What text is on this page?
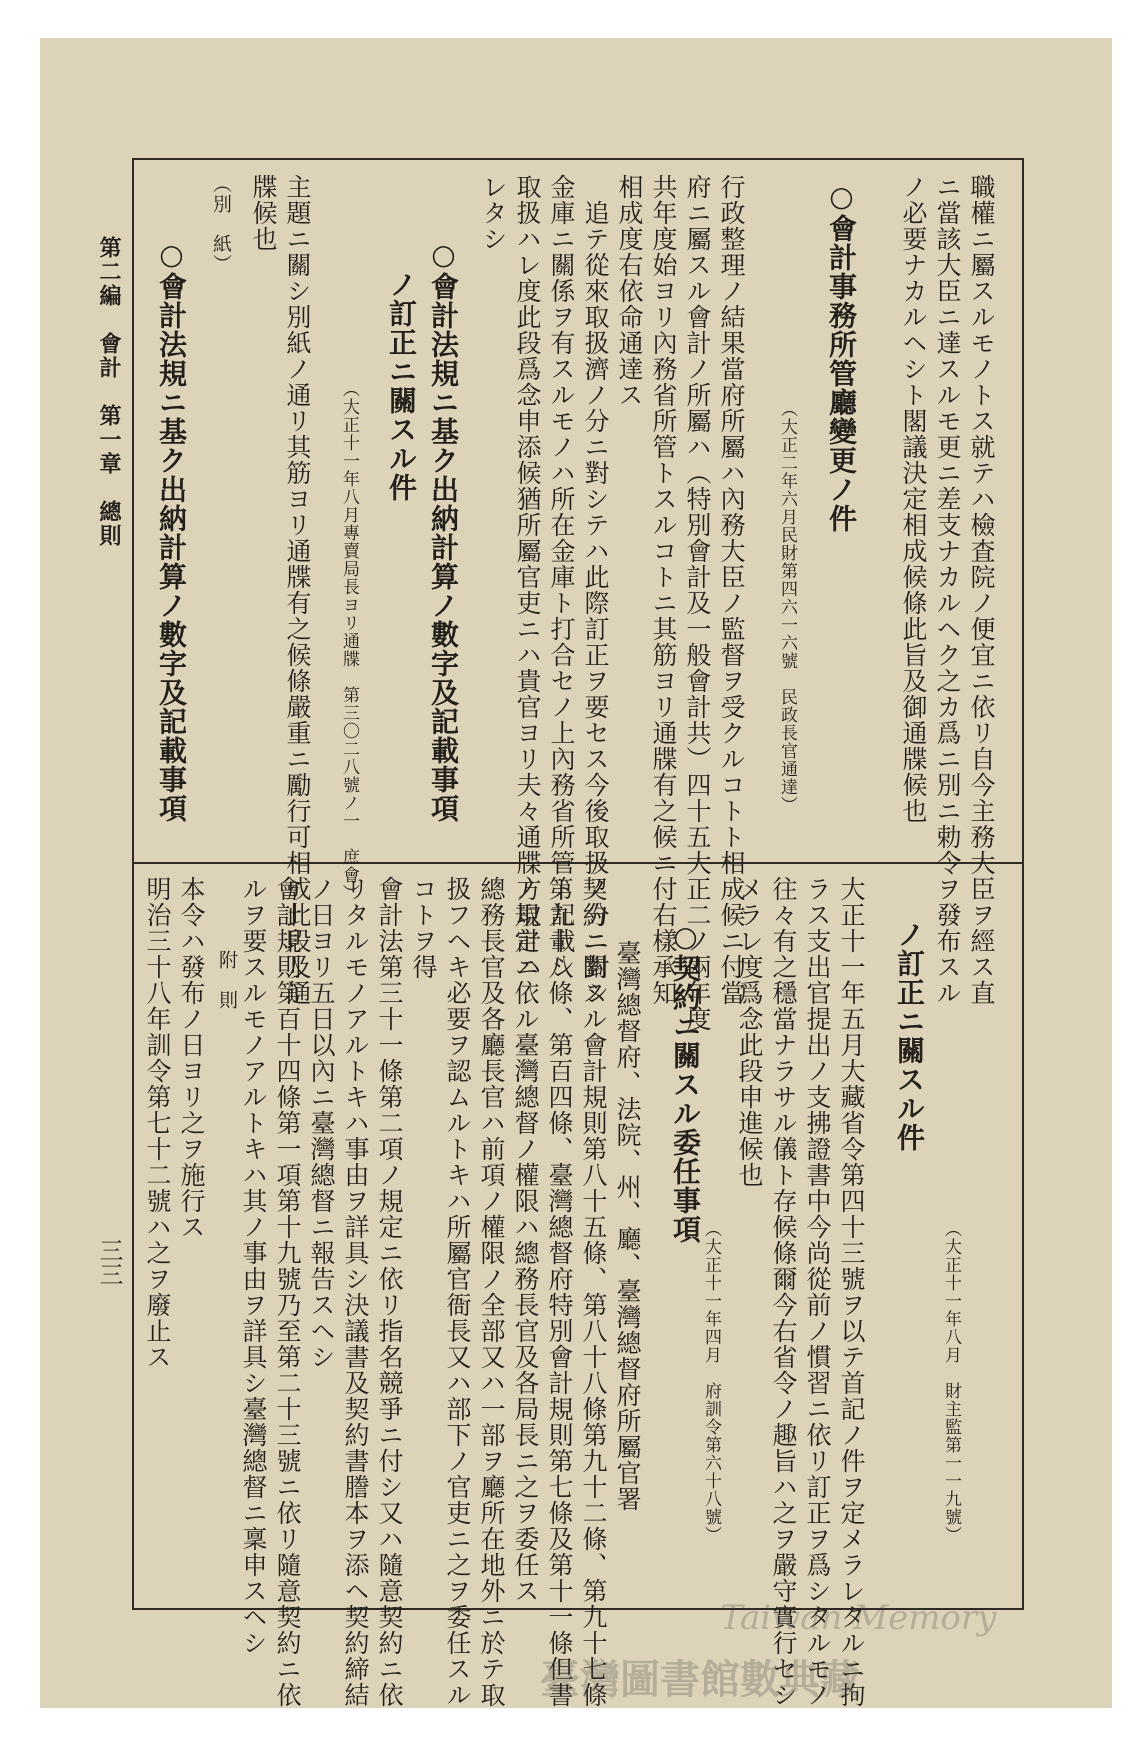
職權ニ屬スルモノトス就テハ檢査院ノ便宜ニ依リ自今主務大臣ヲ經ス直
ニ當該大臣ニ達スルモ更ニ差支ナカルヘク之カ爲ニ別ニ勅令ヲ發布スル
ノ必要ナカルヘシト閣議決定相成候條此旨及御通牒候也
○會計事務所管廳變更ノ件
（大正二年六月民財第四六一六號　民政長官通達）
行政整理ノ結果當府所屬ハ內務大臣ノ監督ヲ受クルコトト相成候ニ付當
府ニ屬スル會計ノ所屬ハ（特別會計及一般會計共）四十五大正二ノ兩年度
共年度始ヨリ內務省所管トスルコトニ其筋ヨリ通牒有之候ニ付右樣承知
相成度右依命通達ス
追テ從來取扱濟ノ分ニ對シテハ此際訂正ヲ要セス今後取扱ノ分ニ對シ
金庫ニ關係ヲ有スルモノハ所在金庫ト打合セノ上內務省所管ト記載シ
取扱ハレ度此段爲念申添候猶所屬官吏ニハ貴官ヨリ夫々通牒方取計ハ
レタシ
○會計法規ニ基ク出納計算ノ數字及記載事項
ノ訂正ニ關スル件
（大正十一年八月專賣局長ヨリ通牒　第三〇二八號ノ一　庶會）
主題ニ關シ別紙ノ通リ其筋ヨリ通牒有之候條嚴重ニ勵行可相成此段及通
牒候也
（別　紙）
○會計法規ニ基ク出納計算ノ數字及記載事項
ノ訂正ニ關スル件
（大正十一年八月　財主監第一一九號）
大正十一年五月大藏省令第四十三號ヲ以テ首記ノ件ヲ定メラレタルニ拘
ラス支出官提出ノ支拂證書中今尚從前ノ慣習ニ依リ訂正ヲ爲シタルモノ
往々有之穩當ナラサル儀ト存候條爾今右省令ノ趣旨ハ之ヲ嚴守實行セシ
メラレ度爲念此段申進候也
○契約ニ關スル委任事項
（大正十一年四月　府訓令第六十八號）
臺灣總督府、法院、州、廳、臺灣總督府所屬官署
契約ニ關スル會計規則第八十五條、第八十八條第九十二條、第九十七條
第九十八條、第百四條、臺灣總督府特別會計規則第七條及第十一條但書
ノ規定ニ依ル臺灣總督ノ權限ハ總務長官及各局長ニ之ヲ委任ス
總務長官及各廳長官ハ前項ノ權限ノ全部又ハ一部ヲ廳所在地外ニ於テ取
扱フヘキ必要ヲ認ムルトキハ所屬官衙長又ハ部下ノ官吏ニ之ヲ委任スル
コトヲ得
會計法第三十一條第二項ノ規定ニ依リ指名競爭ニ付シ又ハ隨意契約ニ依
リタルモノアルトキハ事由ヲ詳具シ決議書及契約書謄本ヲ添ヘ契約締結
ノ日ヨリ五日以內ニ臺灣總督ニ報告スヘシ
會計規則第百十四條第一項第十九號乃至第二十三號ニ依リ隨意契約ニ依
ルヲ要スルモノアルトキハ其ノ事由ヲ詳具シ臺灣總督ニ稟申スヘシ
附　則
本令ハ發布ノ日ヨリ之ヲ施行ス
明治三十八年訓令第七十二號ハ之ヲ廢止ス
第二編　會計　第一章　總則
三三
臺灣圖書館數典藏
Taiwan Memory
